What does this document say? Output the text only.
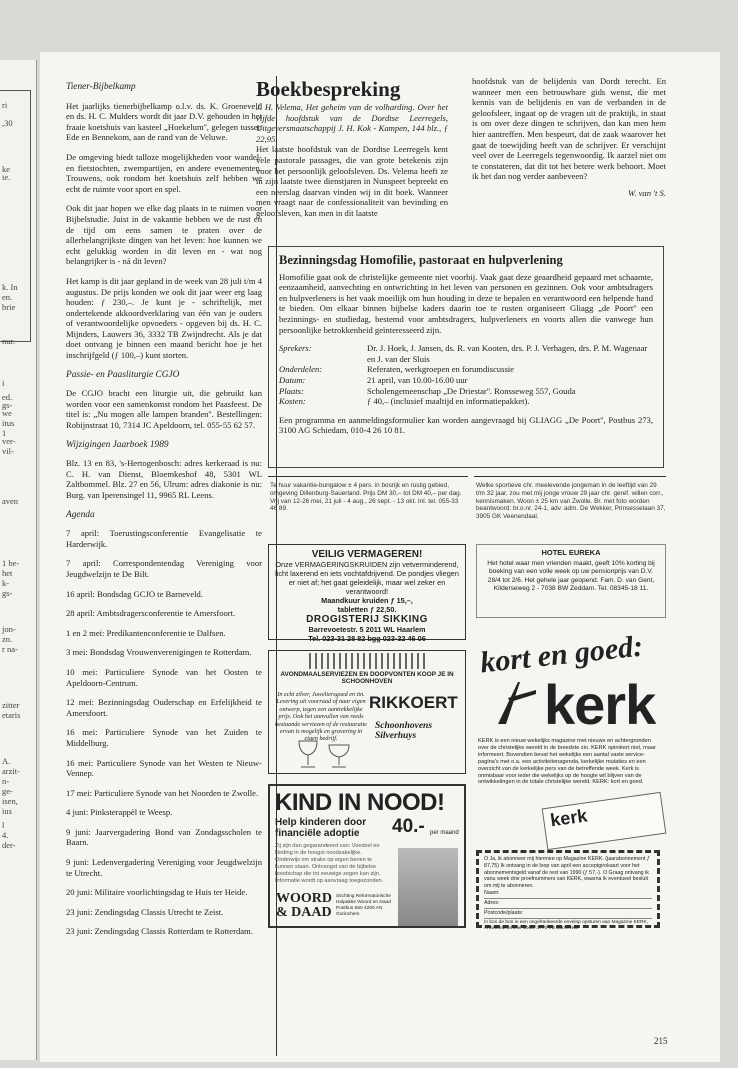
ri
,30
ke
ie.
k. In
en.
brie
nur.
i
ed.
gs-
we
itus
1
ver-
vil-
aven
1 be-
het
k-
gs-
jon-
zn.
r na-
zitter
etaris
A.
arzit-
n-
ge-
isen,
ius
l
4.
der-
Tiener-Bijbelkamp

Het jaarlijks tienerbijbelkamp o.l.v. ds. K. Groeneveld en ds. H. C. Mulders wordt dit jaar D.V. gehouden in het fraaie koetshuis van kasteel „Hoekelum'', gelegen tussen Ede en Bennekom, aan de rand van de Veluwe.

De omgeving biedt talloze mogelijkheden voor wandel- en fietstochten, zwempartijen, en andere evenementen. Trouwens, ook rondom het koetshuis zelf hebben we echt de ruimte voor sport en spel.

Ook dit jaar hopen we elke dag plaats in te ruimen voor Bijbelstudie. Juist in de vakantie hebben we de rust en de tijd om eens samen te praten over de allerbelangrijkste dingen van het leven: hoe kunnen we echt gelukkig worden in dit leven en - wat nog belangrijker is - ná dit leven?

Het kamp is dit jaar gepland in de week van 28 juli t/m 4 augustus. De prijs konden we ook dit jaar weer erg laag houden: ƒ 230,–. Je kunt je - schriftelijk, met ondertekende akkoordverklaring van één van je ouders of verantwoordelijke opvoeders - opgeven bij ds. H. C. Mijnders, Lauwers 36, 3332 TB Zwijndrecht. Als je dat doet ontvang je binnen een maand bericht hoe je het inschrijfgeld (ƒ 100,–) kunt storten.

Passie- en Paasliturgie CGJO

De CGJO bracht een liturgie uit, die gebruikt kan worden voor een samenkomst rondom het Paasfeest. De titel is: „Nu mogen alle lampen branden''. Bestellingen: Robijnstraat 10, 7314 JC Apeldoorn, tel. 055-55 62 57.

Wijzigingen Jaarboek 1989

Blz. 13 en 83, 's-Hertogenbosch: adres kerkeraad is nu: C. H. van Dienst, Bloemkeshof 48, 5301 WL Zaltbommel. Blz. 27 en 56, Ulrum: adres diakonie is nu: Burg. van Iperensingel 11, 9965 RL Leens.

Agenda

7 april: Toerustingsconferentie Evangelisatie te Harderwijk.

7 april: Correspondentendag Vereniging voor Jeugdwelzijn te De Bilt.

16 april: Bondsdag GCJO te Barneveld.

28 april: Ambtsdragersconferentie te Amersfoort.

1 en 2 mei: Predikantenconferentie te Dalfsen.

3 mei: Bondsdag Vrouwenverenigingen te Rotterdam.

10 mei: Particuliere Synode van het Oosten te Apeldoorn-Centrum.

12 mei: Bezinningsdag Ouderschap en Erfelijkheid te Amersfoort.

16 mei: Particuliere Synode van het Zuiden te Middelburg.

16 mei: Particuliere Synode van het Westen te Nieuw-Vennep.

17 mei: Particuliere Synode van het Noorden te Zwolle.

4 juni: Pinksterappèl te Weesp.

9 juni: Jaarvergadering Bond van Zondagsscholen te Baarn.

9 juni: Ledenvergadering Vereniging voor Jeugdwelzijn te Utrecht.

20 juni: Militaire voorlichtingsdag te Huis ter Heide.

23 juni: Zendingsdag Classis Utrecht te Zeist.

23 juni: Zendingsdag Classis Rotterdam te Rotterdam.

Boekbespreking

J. H. Velema, Het geheim van de volharding. Over het vijfde hoofdstuk van de Dordtse Leerregels, Uitgeversmaatschappij J. H. Kok - Kampen, 144 blz., ƒ 22,95.

Het laatste hoofdstuk van de Dordtse Leerregels kent vele pastorale passages, die van grote betekenis zijn voor het persoonlijk geloofsleven. Ds. Velema heeft ze in zijn laatste twee dienstjaren in Nunspeet bepreekt en een neerslag daarvan vinden wij in dit boek. Wanneer men vraagt naar de confessionaliteit van bevinding en geloofsleven, kan men in dit laatste

hoofdstuk van de belijdenis van Dordt terecht. En wanneer men een betrouwbare gids wenst, die met kennis van de belijdenis en van de verbanden in de geloofsleer, ingaat op de vragen uit de praktijk, in staat is om over deze dingen te schrijven, dan kan men hem hier aantreffen. Men bespeurt, dat de zaak waarover het gaat de toewijding heeft van de schrijver. Er verschijnt veel over de Leerregels tegenwoordig. Ik aarzel niet om te constateren, dat dit tot het betere werk behoort. Moet ik het dan nog verder aanbeveen?

W. van 't S.
Bezinningsdag Homofilie, pastoraat en hulpverlening
Homofilie gaat ook de christelijke gemeente niet voorbij. Vaak gaat deze geaardheid gepaard met schaamte, eenzaamheid, aanvechting en ontwrichting in het leven van personen en gezinnen. Ook voor ambtsdragers en hulpverleners is het vaak moeilijk om hun houding in deze te bepalen en verantwoord een helpende hand te bieden. Om elkaar binnen bijbelse kaders daarin toe te rusten organiseert Gliagg „de Poort'' een bezinnings- en studiedag, bestemd voor ambtsdragers, hulpverleners en voorts allen die vanwege hun persoonlijke betrokkenheid geïnteresseerd zijn.
Sprekers:	Dr. J. Hoek, J. Jansen, ds. R. van Kooten, drs. P. J. Verhagen, drs. P. M. Wagenaar en J. van der Sluis
Onderdelen:	Referaten, werkgroepen en forumdiscussie
Datum:	21 april, van 10.00-16.00 uur
Plaats:	Scholengemeenschap „De Driestar''. Ronsseweg 557, Gouda
Kosten:	ƒ 40,– (inclusief maaltijd en informatiepakket).
Een programma en aanmeldingsformulier kan worden aangevraagd bij GLIAGG „De Poort'', Postbus 273, 3100 AG Schiedam, 010-4 26 10 81.
Te huur vakantie-bungalow ± 4 pers. in bosrijk en rustig gebied, omgeving Dillenburg-Sauerland. Prijs DM 30,– tot DM 40,– per dag. Vrij van 12-26 mei, 21 juli - 4 aug., 26 sept. - 13 okt. Inl. tel. 055-33 46 89.
Welke sportieve chr. meelevende jongeman in de leeftijd van 29 t/m 32 jaar, zou met mij jonge vrouw 29 jaar chr. geref. willen corr., kennismaken. Woon ± 25 km van Zwolle. Br. met foto worden beantwoord: br.o.nr. 24-1, adv. adm. De Wekker, Prinsesselaan 37, 3905 GK Veenendaal.
VEILIG VERMAGEREN!
Onze VERMAGERINGSKRUIDEN zijn vetverminderend, licht laxerend en iets vochtafdrijvend. De pondjes vliegen er niet af; het gaat geleidelijk, maar wel zeker en verantwoord!
Maandkuur kruiden ƒ 15,–,
tabletten ƒ 22,50.
DROGISTERIJ SIKKING
Barrevoetestr. 5 2011 WL Haarlem
Tel. 023-31 28 82 bgg 023-32 46 06
HOTEL EUREKA
Het hotel waar men vrienden maakt, geeft 10% korting bij boeking van een volle week op uw pensionprijs van D.V. 28/4 tot 2/6. Het gehele jaar geopend. Fam. D. van Gent, Kilderseweg 2 - 7038 BW Zeddam. Tel. 08345-18 11.
AVONDMAALSERVIEZEN EN DOOPVONTEN KOOP JE IN SCHOONHOVEN
In echt zilver, Juweliersgoed en tin. Levering uit voorraad of naar eigen ontwerp, tegen een aantrekkelijke prijs. Ook het aanvullen van reeds bestaande serviezen of de restauratie ervan is mogelijk en gravering in eigen bedrijf.
RIKKOERT
Schoonhovens Silverhuys
KIND IN NOOD!
Help kinderen door financiële adoptie	40.- per maand
Zij zijn dan gegarandeerd van: Voedsel en kleding in de hoogst noodzakelijke. Onderwijs om straks op eigen benen te kunnen staan. Ontvangst van de bijbelse boodschap die tot eeuwige zegen kan zijn. Informatie wordt op aanvraag toegezonden.
WOORD
& DAAD
Stichting Reformatorische Hulpaktie Woord en Daad Postbus 560 4200 AN Gorinchem
kort en goed:
kerk
KERK is een nieuw wekelijks magazine met nieuws en achtergronden over de christelijke wereld in de breedste zin. KERK opiniëert niet, maar informeert. Bovendien bevat het wekelijks een aantal vaste service-pagina's met o.a. een activiteitenagenda, kerkelijke mutaties en een overzicht van de kerkelijke pers van de betreffende week. Kerk is onmisbaar voor ieder die wekelijks op de hoogte wil blijven van de ontwikkelingen in de totale christelijke wereld. KERK: kort en goed.
kerk
O Ja, ik abonneer mij hiermee op Magazine KERK. (jaarabonnement ƒ 87,75) Ik ontvang in de loop van april een acceptgirokaart voor het abonnementsgeld vanaf de rest van 1990 (ƒ 57,-). O Graag ontvang ik vanu week drie proefnummers van KERK, waarna ik eventueel besluit om mij te abonneren.
Naam:
Adres:
Postcode/plaats:
In bon de bon in een ongefrankeerde envelop opsturen aan Magazine KERK, Antwoordnummer 1043, 3770 VB Barneveld
215
